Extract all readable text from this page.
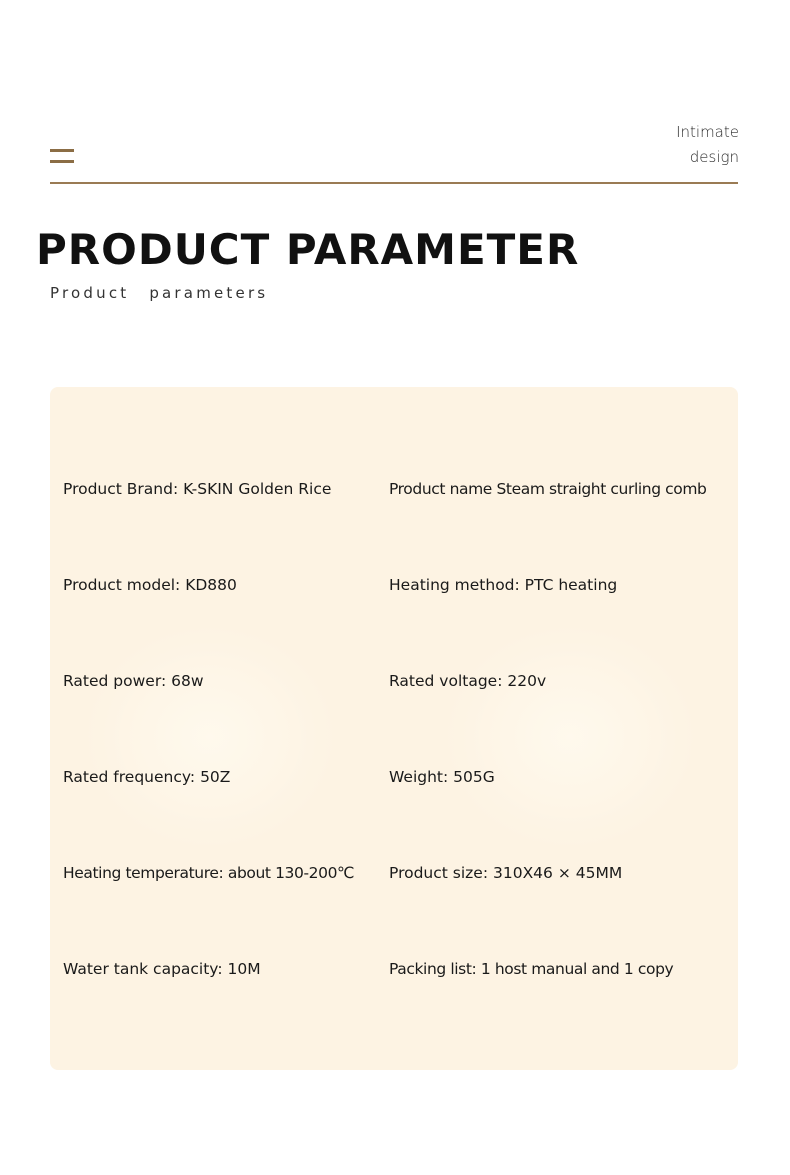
Intimate
design
PRODUCT PARAMETER
Product parameters
Product Brand: K-SKIN Golden Rice	Product name Steam straight curling comb
Product model: KD880	Heating method: PTC heating
Rated power: 68w	Rated voltage: 220v
Rated frequency: 50Z	Weight: 505G
Heating temperature: about 130-200℃ Product size: 310X46 × 45MM
Water tank capacity: 10M	Packing list: 1 host manual and 1 copy
